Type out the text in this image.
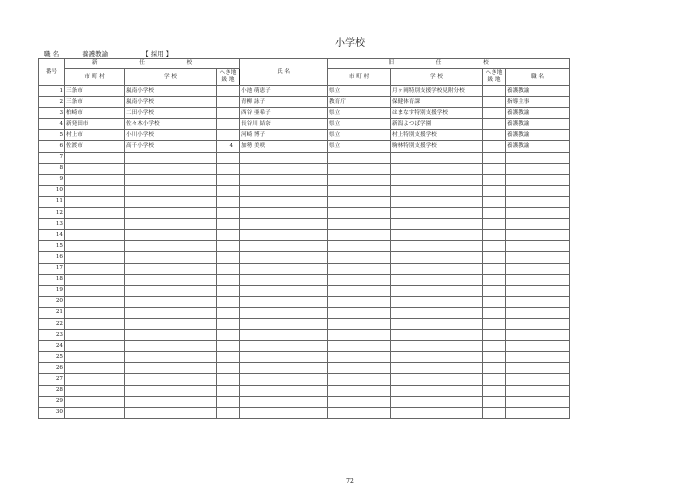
小学校
職 名	養護教諭	【 採用 】
番号	新 任 校			氏 名	旧 任 校			
	市 町 村	学 校	へき地
級 地		市 町 村	学 校	へき地
級 地	職 名
1	三条市	嵐南小学校		小池 萌恵子	県立	月ヶ岡特別支援学校見附分校		養護教諭
2	三条市	嵐南小学校		青柳 詠子	教育庁	保健体育課		指導主事
3	柏崎市	二田小学校		西谷 亜希子	県立	はまなす特別支援学校		養護教諭
4	新発田市	佐々木小学校		長谷川 結奈	県立	新潟よつば学園		養護教諭
5	村上市	小川小学校		河崎 博子	県立	村上特別支援学校		養護教諭
6	佐渡市	高千小学校	4	加勢 美咲	県立	駒林特別支援学校		養護教諭
7								
8								
9								
10								
11								
12								
13								
14								
15								
16								
17								
18								
19								
20								
21								
22								
23								
24								
25								
26								
27								
28								
29								
30								
72
